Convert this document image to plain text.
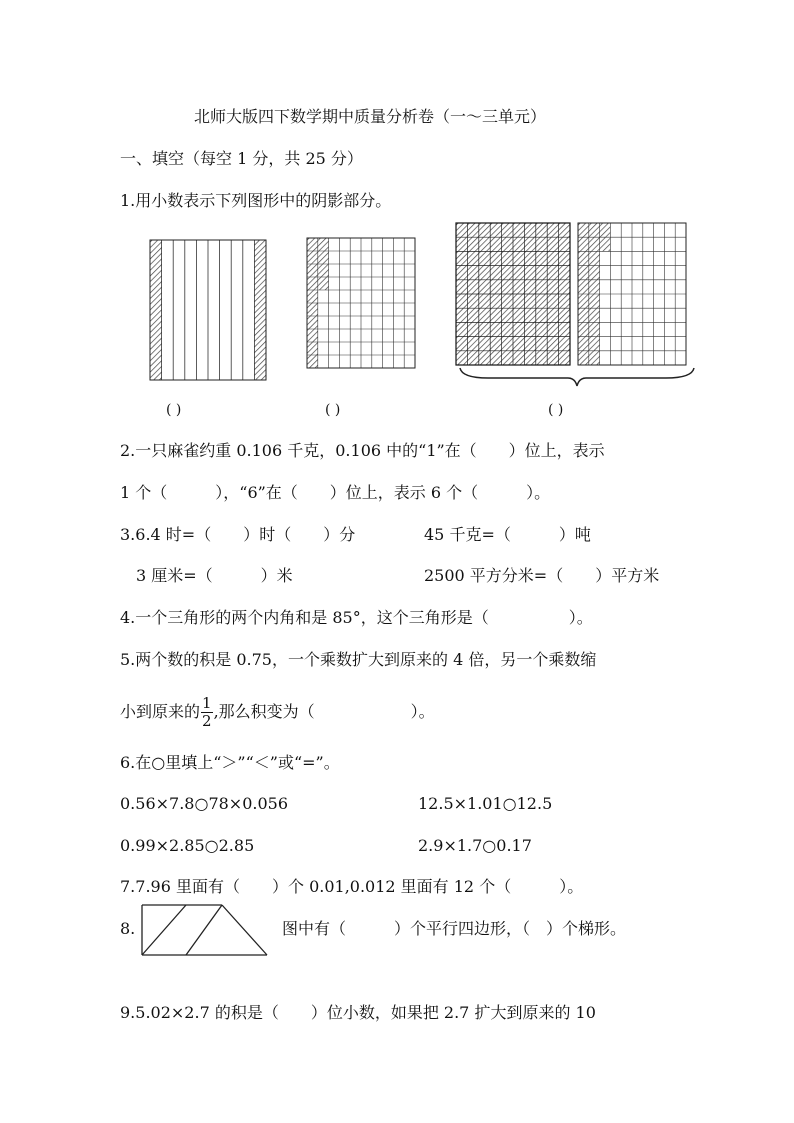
北师大版四下数学期中质量分析卷（一～三单元）
一、填空（每空 1 分，共 25 分）
1.用小数表示下列图形中的阴影部分。
( )	( )	( )
2.一只麻雀约重 0.106 千克，0.106 中的“1”在（　　）位上，表示
1 个（　　　），“6”在（　　）位上，表示 6 个（　　　）。
3.6.4 时=（　　）时（　　）分	45 千克=（　　　）吨
3 厘米=（　　　）米	2500 平方分米=（　　）平方米
4.一个三角形的两个内角和是 85°，这个三角形是（　　　　　）。
5.两个数的积是 0.75，一个乘数扩大到原来的 4 倍，另一个乘数缩
小到原来的 $\frac{1}{2}$ ,那么积变为（　　　　　　）。
6.在○里填上“＞”“＜”或“=”。
0.56×7.8○78×0.056	12.5×1.01○12.5
0.99×2.85○2.85	2.9×1.7○0.17
7.7.96 里面有（　　）个 0.01,0.012 里面有 12 个（　　　）。
8.	图中有（　　　）个平行四边形，（　）个梯形。
9.5.02×2.7 的积是（　　）位小数，如果把 2.7 扩大到原来的 10
